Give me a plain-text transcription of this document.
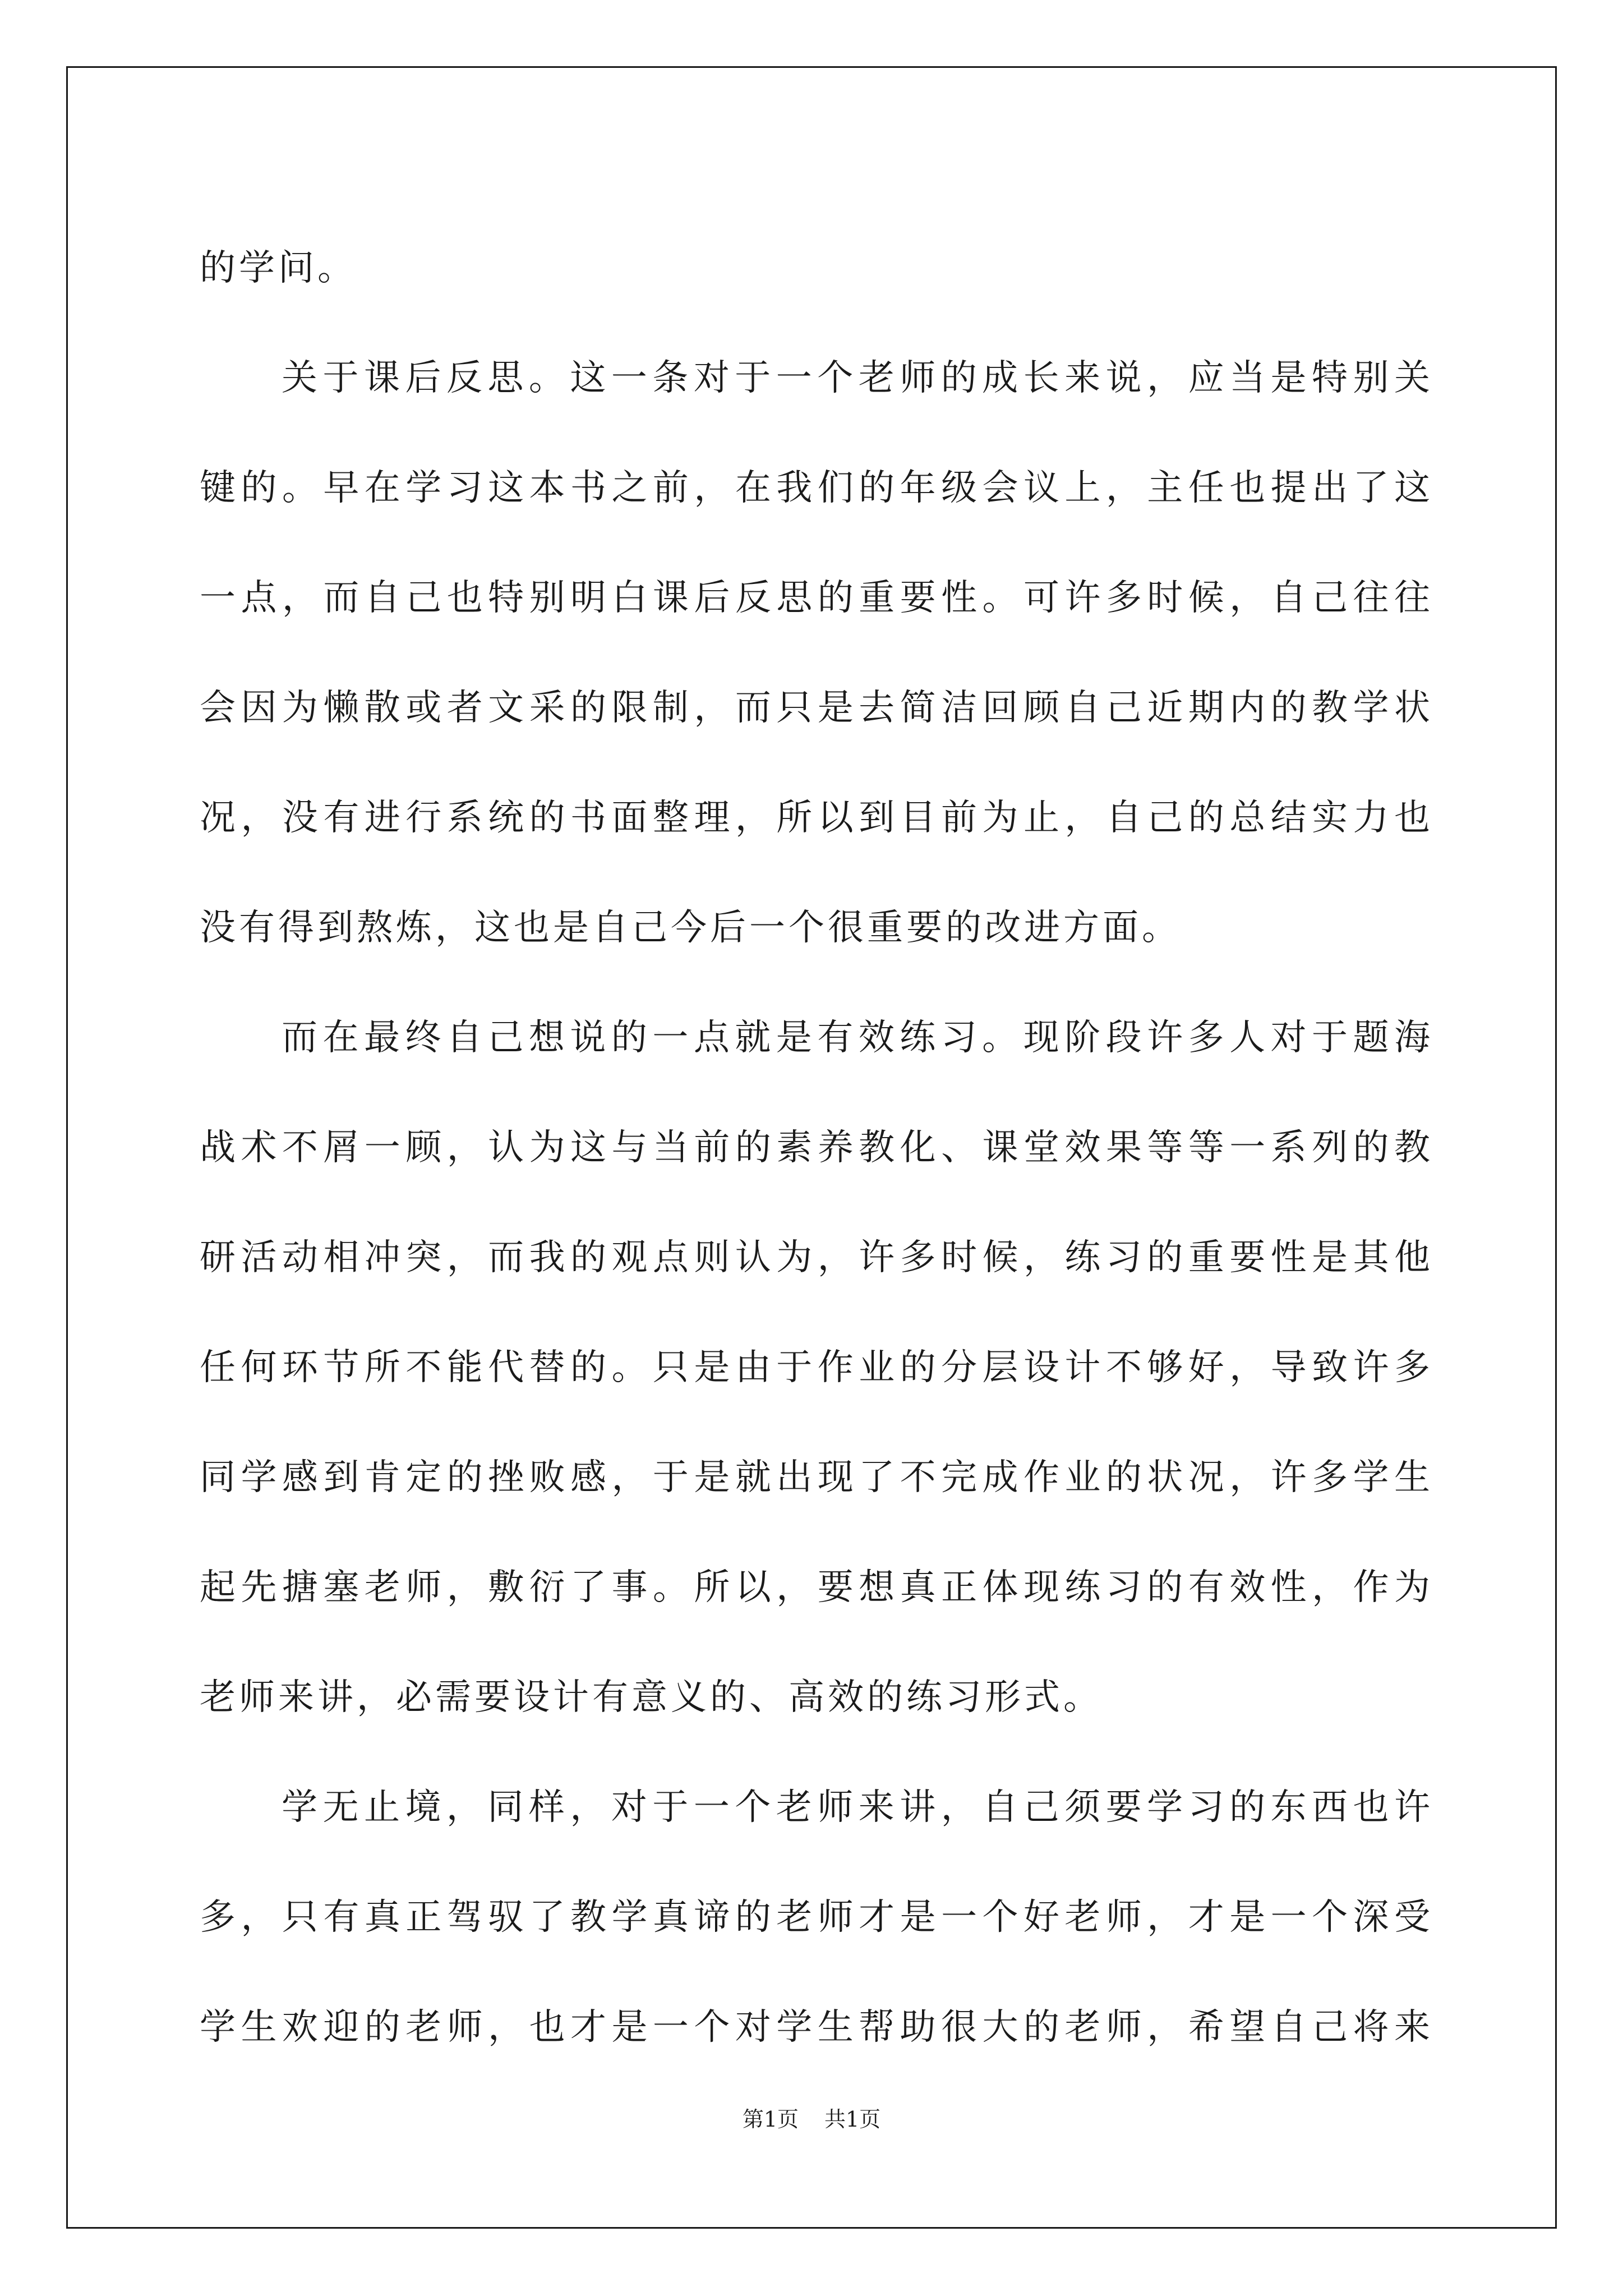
的学问。
关于课后反思。这一条对于一个老师的成长来说，应当是特别关
键的。早在学习这本书之前，在我们的年级会议上，主任也提出了这
一点，而自己也特别明白课后反思的重要性。可许多时候，自己往往
会因为懒散或者文采的限制，而只是去简洁回顾自己近期内的教学状
况，没有进行系统的书面整理，所以到目前为止，自己的总结实力也
没有得到熬炼，这也是自己今后一个很重要的改进方面。
而在最终自己想说的一点就是有效练习。现阶段许多人对于题海
战术不屑一顾，认为这与当前的素养教化、课堂效果等等一系列的教
研活动相冲突，而我的观点则认为，许多时候，练习的重要性是其他
任何环节所不能代替的。只是由于作业的分层设计不够好，导致许多
同学感到肯定的挫败感，于是就出现了不完成作业的状况，许多学生
起先搪塞老师，敷衍了事。所以，要想真正体现练习的有效性，作为
老师来讲，必需要设计有意义的、高效的练习形式。
学无止境，同样，对于一个老师来讲，自己须要学习的东西也许
多，只有真正驾驭了教学真谛的老师才是一个好老师，才是一个深受
学生欢迎的老师，也才是一个对学生帮助很大的老师，希望自己将来
第1页 共1页
